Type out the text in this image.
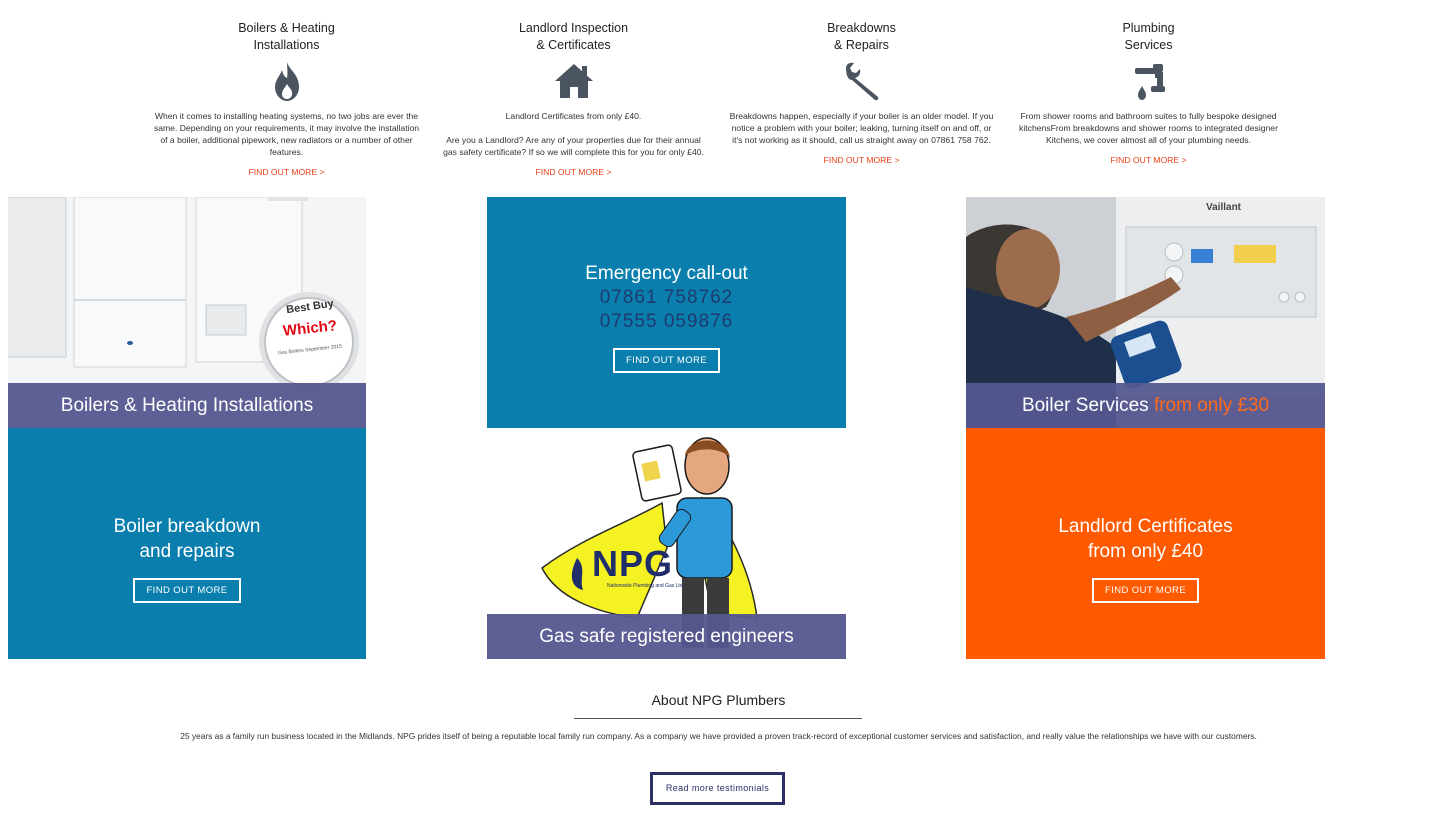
Boilers & Heating
Installations
When it comes to installing heating systems, no two jobs are ever the
same. Depending on your requirements, it may involve the installation
of a boiler, additional pipework, new radiators or a number of other
features.
FIND OUT MORE >
Landlord Inspection
& Certificates
Landlord Certificates from only £40.

Are you a Landlord? Are any of your properties due for their annual
gas safety certificate? If so we will complete this for you for only £40.
FIND OUT MORE >
Breakdowns
& Repairs
Breakdowns happen, especially if your boiler is an older model. If you
notice a problem with your boiler; leaking, turning itself on and off, or
it's not working as it should, call us straight away on 07861 758 762.
FIND OUT MORE >
Plumbing
Services
From shower rooms and bathroom suites to fully bespoke designed
kitchensFrom breakdowns and shower rooms to integrated designer
Kitchens, we cover almost all of your plumbing needs.
FIND OUT MORE >
Best Buy
Which?
Gas Boilers September 2015
Boilers & Heating Installations
Emergency call-out
07861 758762
07555 059876
FIND OUT MORE
Vaillant
Boiler Services from only £30
Boiler breakdown
and repairs
FIND OUT MORE
NPG
Nationwide Plumbing and Gas Ltd
Gas safe registered engineers
Landlord Certificates
from only £40
FIND OUT MORE
About NPG Plumbers
25 years as a family run business located in the Midlands. NPG prides itself of being a reputable local family run company. As a company we have provided a proven track-record of exceptional customer services and satisfaction, and really value the relationships we have with our customers.
Read more testimonials
